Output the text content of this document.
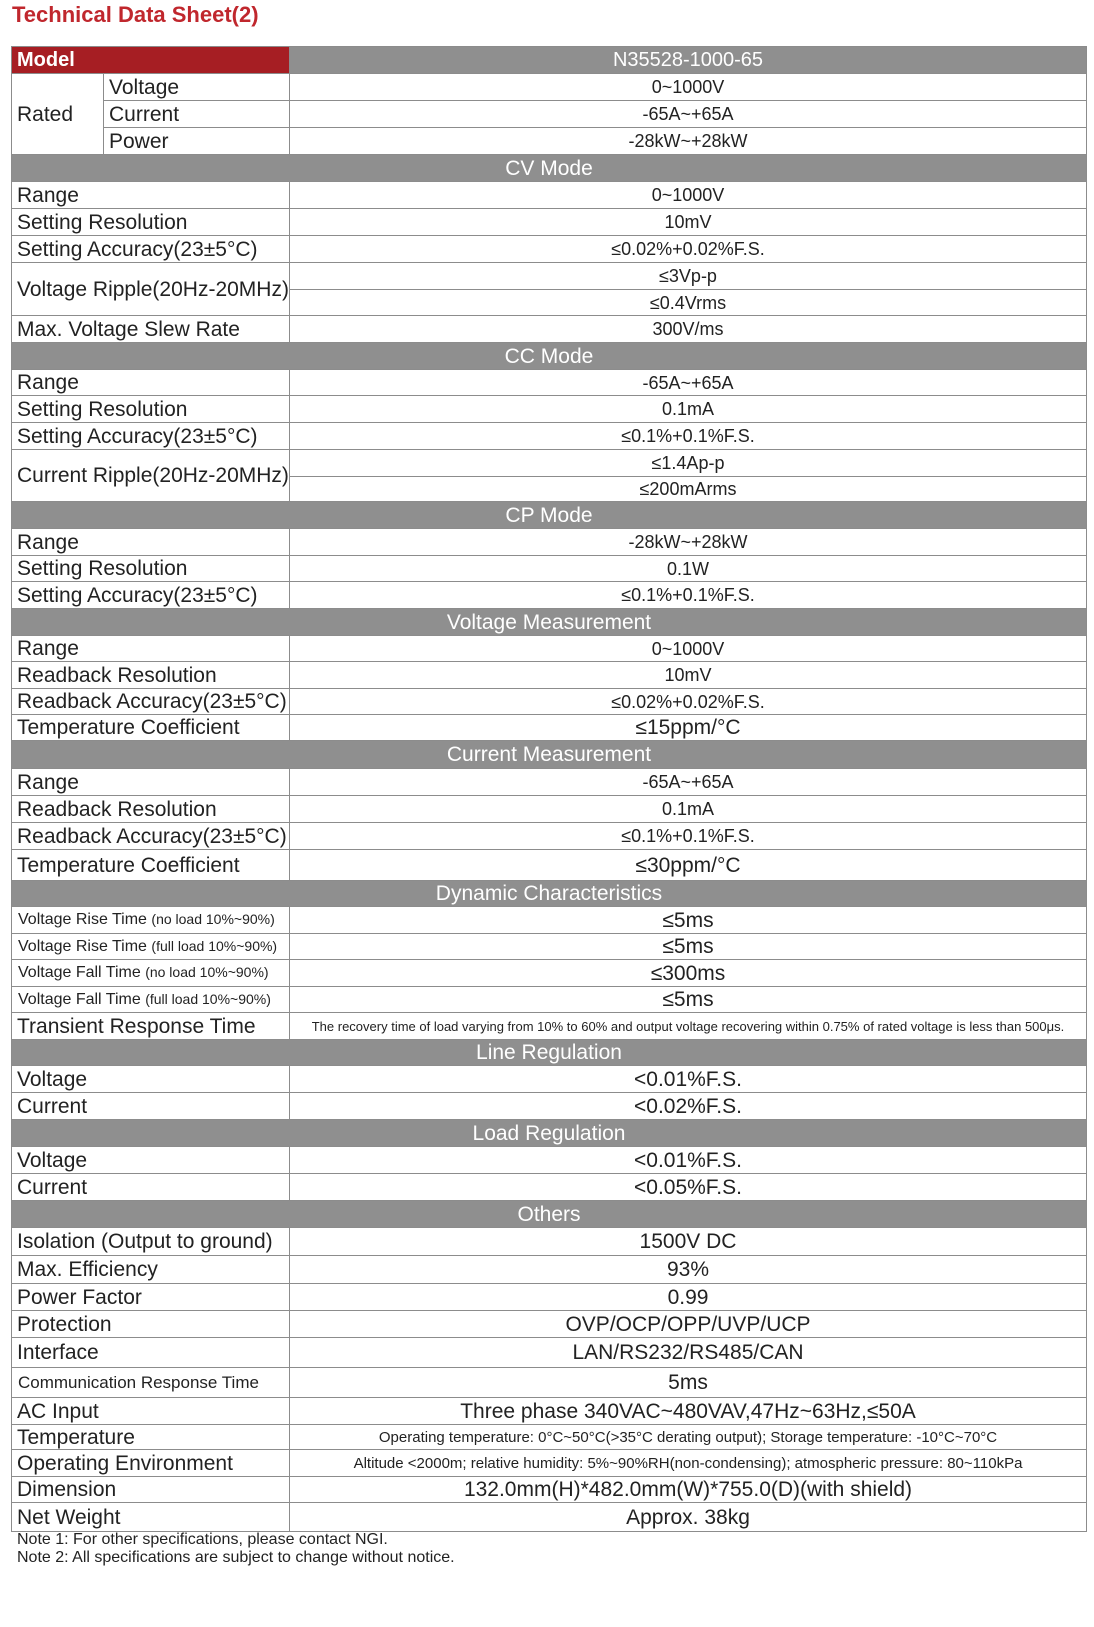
Technical Data Sheet(2)
Model		N35528-1000-65
Rated	Voltage	0~1000V
	Current	-65A~+65A
	Power	-28kW~+28kW
CV Mode		
Range		0~1000V
Setting Resolution		10mV
Setting Accuracy(23±5°C)		≤0.02%+0.02%F.S.
Voltage Ripple(20Hz-20MHz)		≤3Vp-p
		≤0.4Vrms
Max. Voltage Slew Rate		300V/ms
CC Mode		
Range		-65A~+65A
Setting Resolution		0.1mA
Setting Accuracy(23±5°C)		≤0.1%+0.1%F.S.
Current Ripple(20Hz-20MHz)		≤1.4Ap-p
		≤200mArms
CP Mode		
Range		-28kW~+28kW
Setting Resolution		0.1W
Setting Accuracy(23±5°C)		≤0.1%+0.1%F.S.
Voltage Measurement		
Range		0~1000V
Readback Resolution		10mV
Readback Accuracy(23±5°C)		≤0.02%+0.02%F.S.
Temperature Coefficient		≤15ppm/°C
Current Measurement		
Range		-65A~+65A
Readback Resolution		0.1mA
Readback Accuracy(23±5°C)		≤0.1%+0.1%F.S.
Temperature Coefficient		≤30ppm/°C
Dynamic Characteristics		
Voltage Rise Time (no load 10%~90%)		≤5ms
Voltage Rise Time (full load 10%~90%)		≤5ms
Voltage Fall Time (no load 10%~90%)		≤300ms
Voltage Fall Time (full load 10%~90%)		≤5ms
Transient Response Time		The recovery time of load varying from 10% to 60% and output voltage recovering within 0.75% of rated voltage is less than 500μs.
Line Regulation		
Voltage		<0.01%F.S.
Current		<0.02%F.S.
Load Regulation		
Voltage		<0.01%F.S.
Current		<0.05%F.S.
Others		
Isolation (Output to ground)		1500V DC
Max. Efficiency		93%
Power Factor		0.99
Protection		OVP/OCP/OPP/UVP/UCP
Interface		LAN/RS232/RS485/CAN
Communication Response Time		5ms
AC Input		Three phase 340VAC~480VAV,47Hz~63Hz,≤50A
Temperature		Operating temperature: 0°C~50°C(>35°C derating output); Storage temperature: -10°C~70°C
Operating Environment		Altitude <2000m; relative humidity: 5%~90%RH(non-condensing); atmospheric pressure: 80~110kPa
Dimension		132.0mm(H)*482.0mm(W)*755.0(D)(with shield)
Net Weight		Approx. 38kg
Note 1: For other specifications, please contact NGI.
Note 2: All specifications are subject to change without notice.
